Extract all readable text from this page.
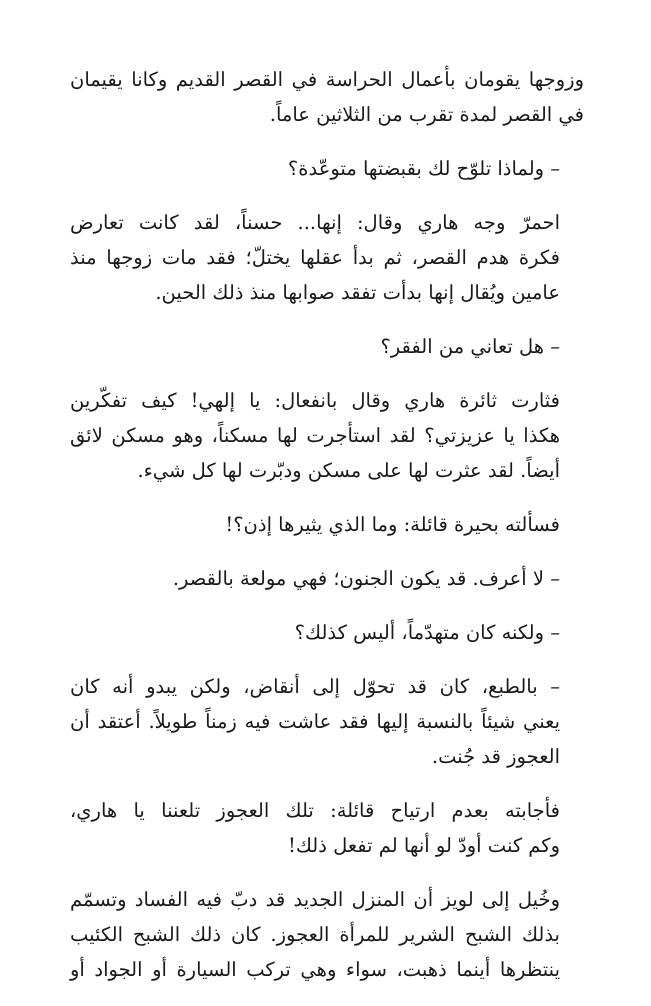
وزوجها يقومان بأعمال الحراسة في القصر القديم وكانا يقيمان
في القصر لمدة تقرب من الثلاثين عاماً.
– ولماذا تلوّح لك بقبضتها متوعّدة؟
احمرّ وجه هاري وقال: إنها... حسناً، لقد كانت تعارض
فكرة هدم القصر، ثم بدأ عقلها يختلّ؛ فقد مات زوجها منذ
عامين ويُقال إنها بدأت تفقد صوابها منذ ذلك الحين.
– هل تعاني من الفقر؟
فثارت ثائرة هاري وقال بانفعال: يا إلهي! كيف تفكّرين
هكذا يا عزيزتي؟ لقد استأجرت لها مسكناً، وهو مسكن لائق
أيضاً. لقد عثرت لها على مسكن ودبّرت لها كل شيء.
فسألته بحيرة قائلة: وما الذي يثيرها إذن؟!
– لا أعرف. قد يكون الجنون؛ فهي مولعة بالقصر.
– ولكنه كان متهدّماً، أليس كذلك؟
– بالطبع، كان قد تحوّل إلى أنقاض، ولكن يبدو أنه كان
يعني شيئاً بالنسبة إليها فقد عاشت فيه زمناً طويلاً. أعتقد أن
العجوز قد جُنت.
فأجابته بعدم ارتياح قائلة: تلك العجوز تلعننا يا هاري،
وكم كنت أودّ لو أنها لم تفعل ذلك!
وخُيل إلى لويز أن المنزل الجديد قد دبّ فيه الفساد وتسمّم
بذلك الشبح الشرير للمرأة العجوز. كان ذلك الشبح الكئيب
ينتظرها أينما ذهبت، سواء وهي تركب السيارة أو الجواد أو
